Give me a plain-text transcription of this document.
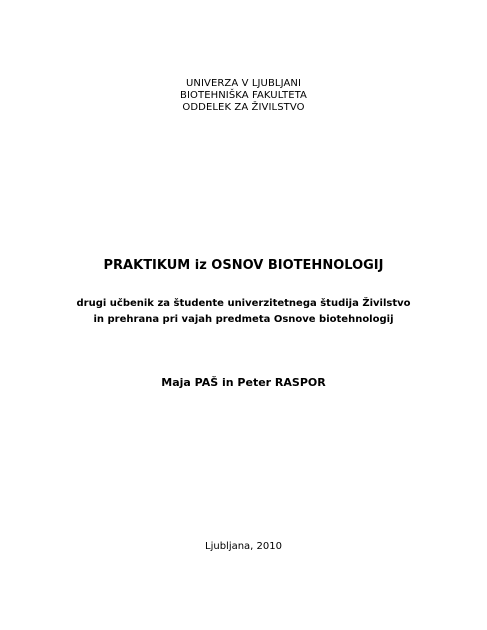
UNIVERZA V LJUBLJANI
BIOTEHNIŠKA FAKULTETA
ODDELEK ZA ŽIVILSTVO
PRAKTIKUM iz OSNOV BIOTEHNOLOGIJ
drugi učbenik za študente univerzitetnega študija Živilstvo
in prehrana pri vajah predmeta Osnove biotehnologij
Maja PAŠ in Peter RASPOR
Ljubljana, 2010
